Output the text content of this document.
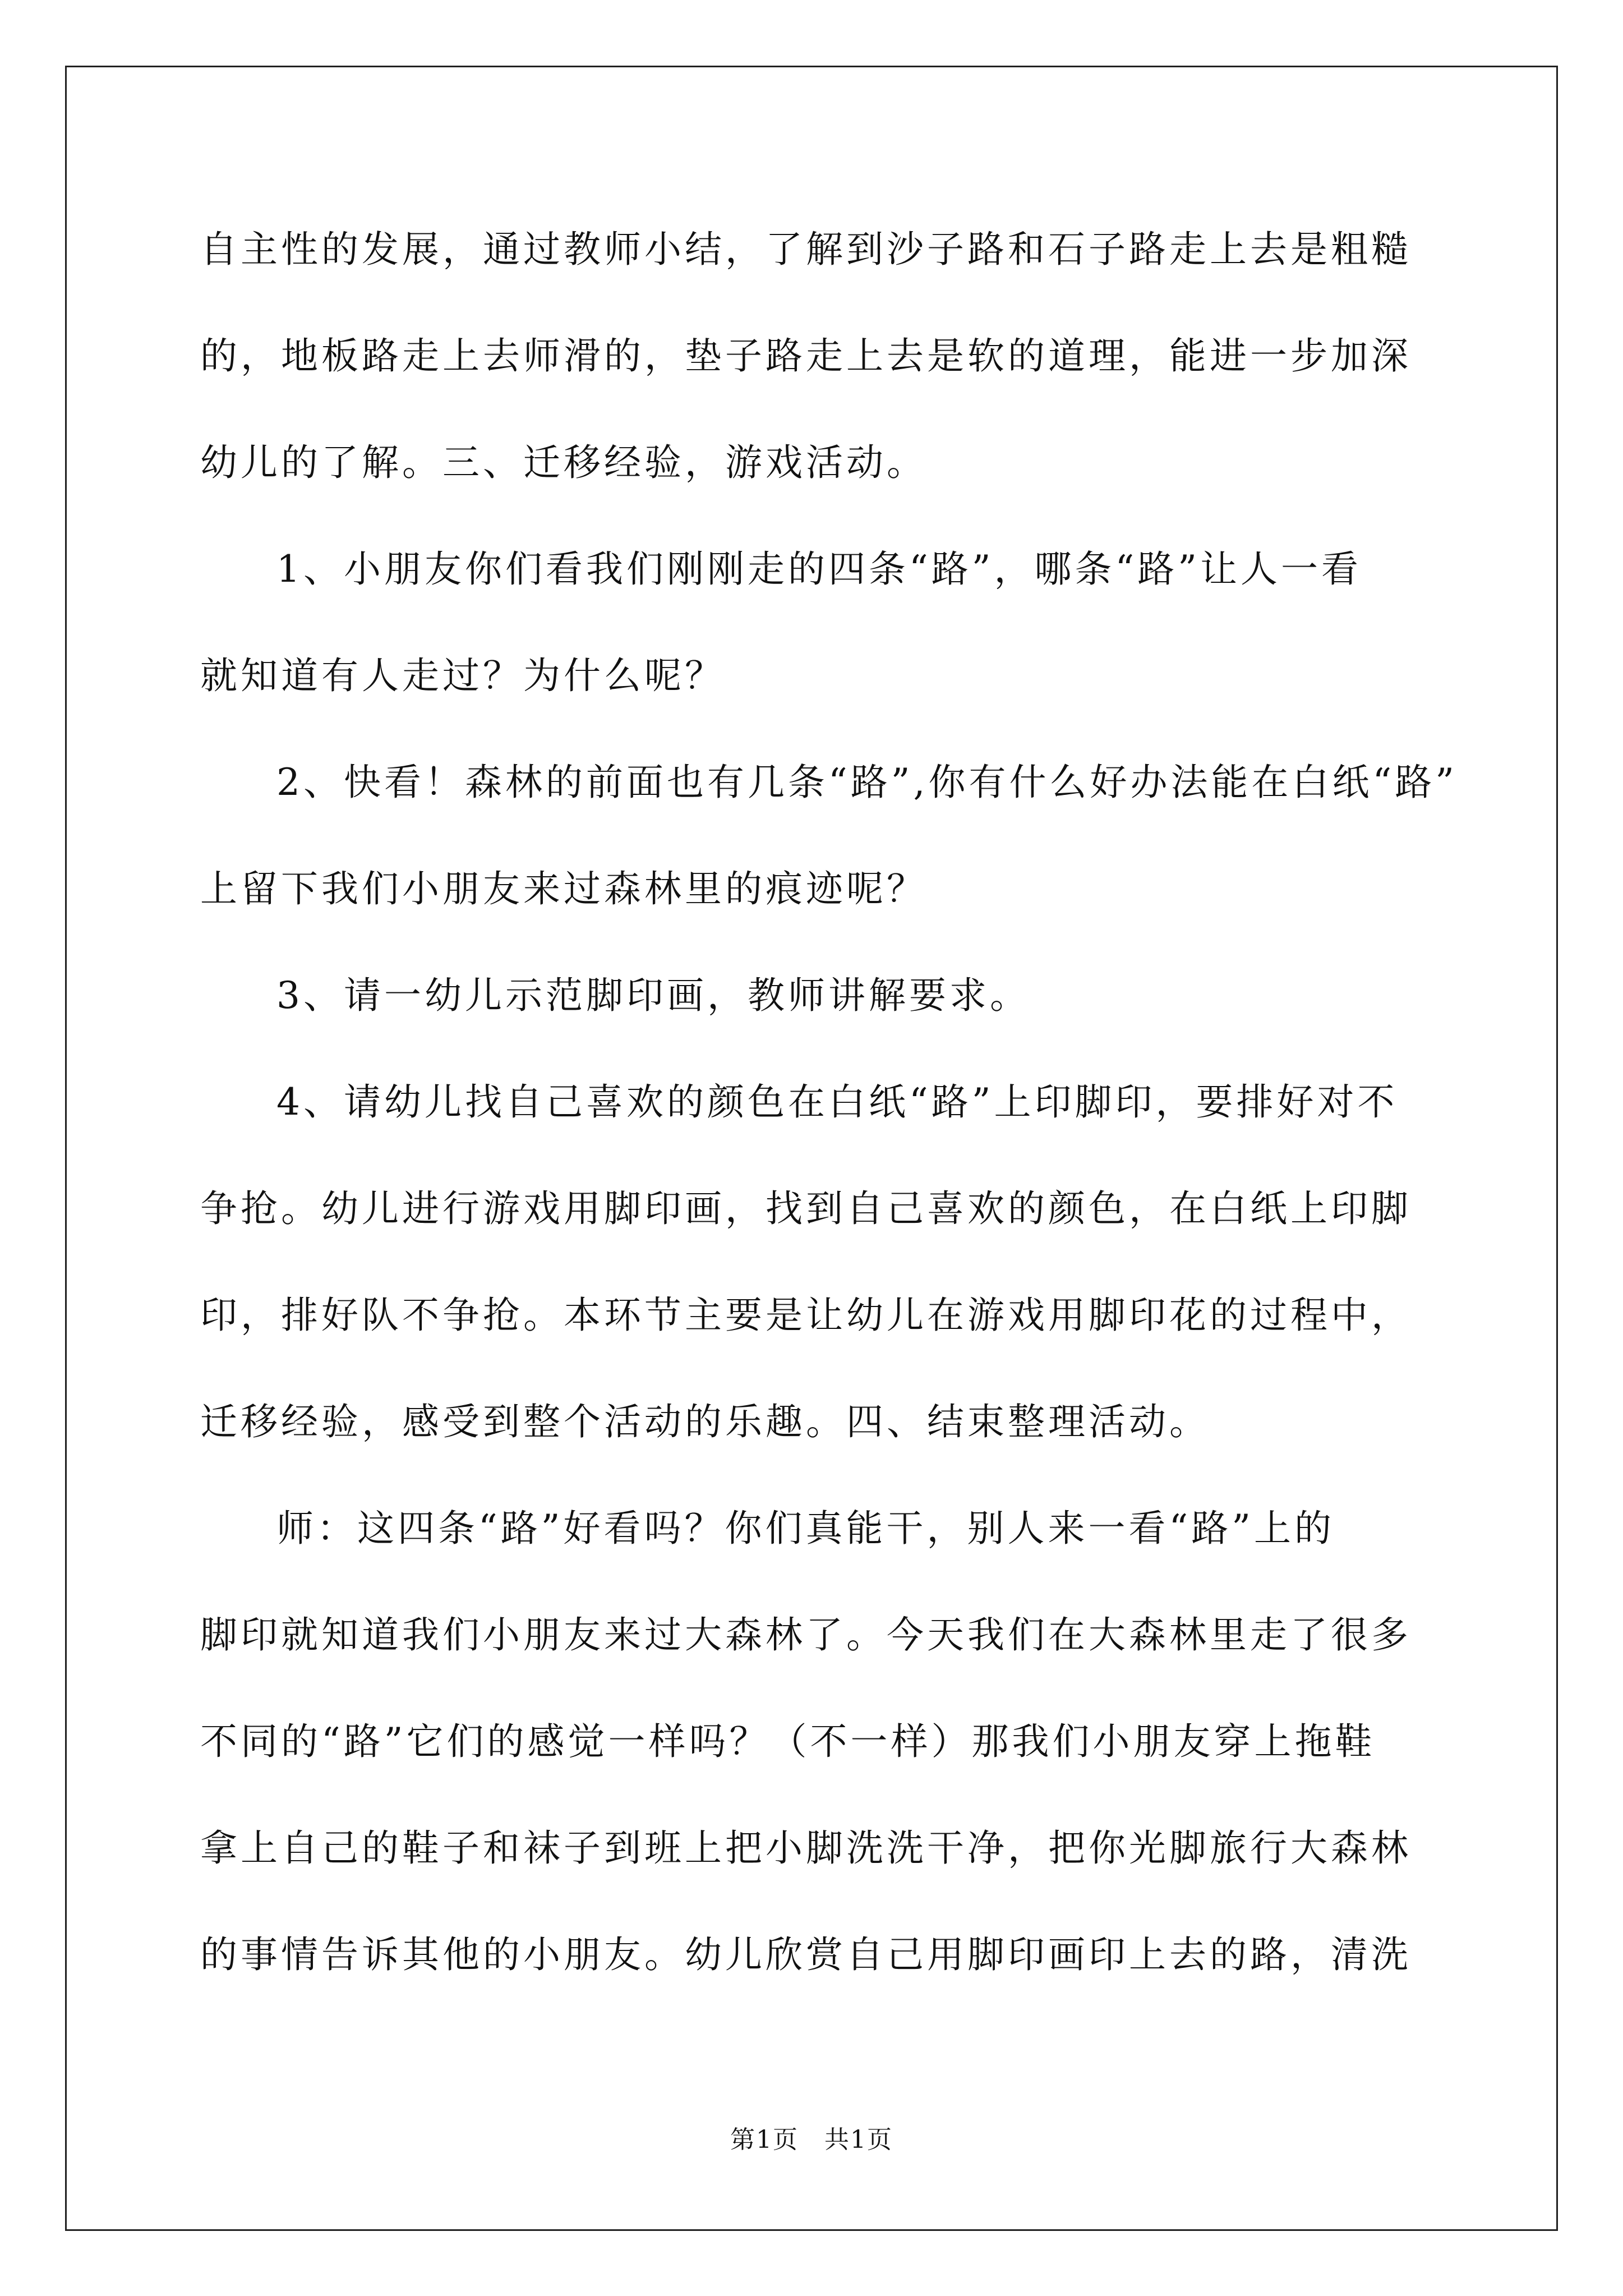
自主性的发展，通过教师小结，了解到沙子路和石子路走上去是粗糙
的，地板路走上去师滑的，垫子路走上去是软的道理，能进一步加深
幼儿的了解。三、迁移经验，游戏活动。
1、小朋友你们看我们刚刚走的四条“路”，哪条“路”让人一看
就知道有人走过？为什么呢？
2、快看！森林的前面也有几条“路”,你有什么好办法能在白纸“路”
上留下我们小朋友来过森林里的痕迹呢？
3、请一幼儿示范脚印画，教师讲解要求。
4、请幼儿找自己喜欢的颜色在白纸“路”上印脚印，要排好对不
争抢。幼儿进行游戏用脚印画，找到自己喜欢的颜色，在白纸上印脚
印，排好队不争抢。本环节主要是让幼儿在游戏用脚印花的过程中，
迁移经验，感受到整个活动的乐趣。四、结束整理活动。
师：这四条“路”好看吗？你们真能干，别人来一看“路”上的
脚印就知道我们小朋友来过大森林了。今天我们在大森林里走了很多
不同的“路”它们的感觉一样吗？（不一样）那我们小朋友穿上拖鞋
拿上自己的鞋子和袜子到班上把小脚洗洗干净，把你光脚旅行大森林
的事情告诉其他的小朋友。幼儿欣赏自己用脚印画印上去的路，清洗
第1页　共1页
